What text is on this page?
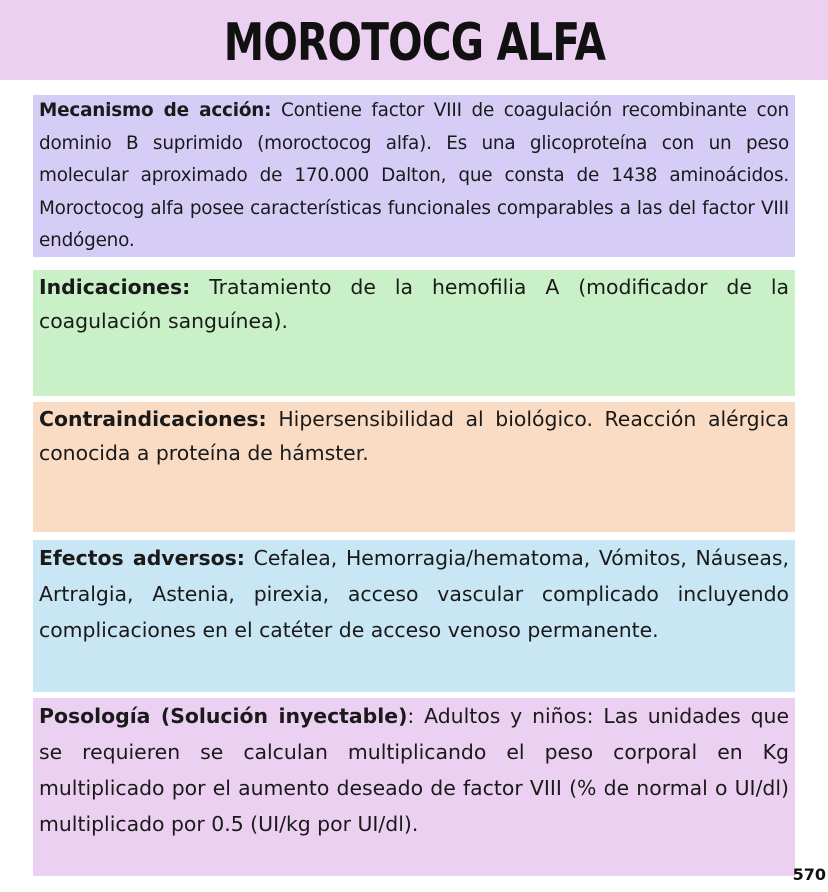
MOROTOCG ALFA
Mecanismo de acción: Contiene factor VIII de coagulación recombinante con dominio B suprimido (moroctocog alfa). Es una glicoproteína con un peso molecular aproximado de 170.000 Dalton, que consta de 1438 aminoácidos. Moroctocog alfa posee características funcionales comparables a las del factor VIII endógeno.
Indicaciones: Tratamiento de la hemofilia A (modificador de la coagulación sanguínea).
Contraindicaciones: Hipersensibilidad al biológico. Reacción alérgica conocida a proteína de hámster.
Efectos adversos: Cefalea, Hemorragia/hematoma, Vómitos, Náuseas, Artralgia, Astenia, pirexia, acceso vascular complicado incluyendo complicaciones en el catéter de acceso venoso permanente.
Posología (Solución inyectable): Adultos y niños: Las unidades que se requieren se calculan multiplicando el peso corporal en Kg multiplicado por el aumento deseado de factor VIII (% de normal o UI/dl) multiplicado por 0.5 (UI/kg por UI/dl).
570
